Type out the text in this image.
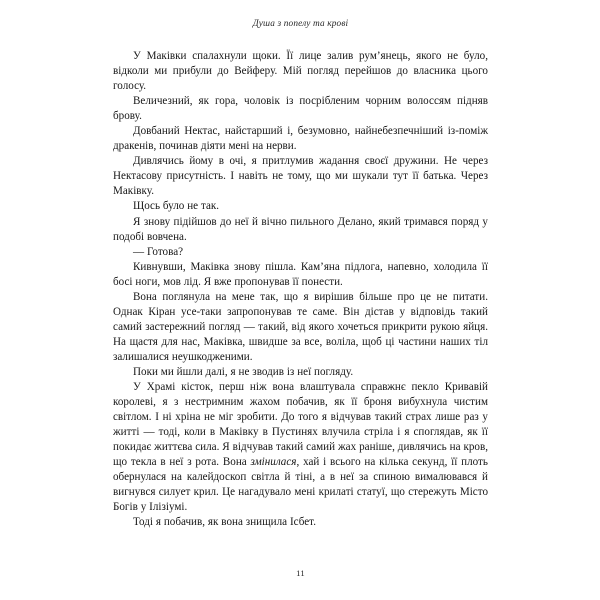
Душа з попелу та крові

У Маківки спалахнули щоки. Її лице залив рум’янець, якого не було, відколи ми прибули до Вейферу. Мій погляд перейшов до власника цього голосу.

Величезний, як гора, чоловік із посрібленим чорним волоссям підняв брову.

Довбаний Нектас, найстарший і, безумовно, найнебезпечніший із-поміж дракенів, починав діяти мені на нерви.

Дивлячись йому в очі, я притлумив жадання своєї дружини. Не через Нектасову присутність. І навіть не тому, що ми шукали тут її батька. Через Маківку.

Щось було не так.

Я знову підійшов до неї й вічно пильного Делано, який тримався поряд у подобі вовчена.

— Готова?

Кивнувши, Маківка знову пішла. Кам’яна підлога, напевно, холодила її босі ноги, мов лід. Я вже пропонував її понести.

Вона поглянула на мене так, що я вирішив більше про це не питати. Однак Кіран усе-таки запропонував те саме. Він дістав у відповідь такий самий застережний погляд — такий, від якого хочеться прикрити рукою яйця. На щастя для нас, Маківка, швидше за все, воліла, щоб ці частини наших тіл залишалися неушкодженими.

Поки ми йшли далі, я не зводив із неї погляду.

У Храмі кісток, перш ніж вона влаштувала справжнє пекло Кривавій королеві, я з нестримним жахом побачив, як її броня вибухнула чистим світлом. І ні хріна не міг зробити. До того я відчував такий страх лише раз у житті — тоді, коли в Маківку в Пустинях влучила стріла і я споглядав, як її покидає життєва сила. Я відчував такий самий жах раніше, дивлячись на кров, що текла в неї з рота. Вона змінилася, хай і всього на кілька секунд, її плоть обернулася на калейдоскоп світла й тіні, а в неї за спиною вималювався й вигнувся силует крил. Це нагадувало мені крилаті статуї, що стережуть Місто Богів у Ілізіумі.

Тоді я побачив, як вона знищила Ісбет.

11
